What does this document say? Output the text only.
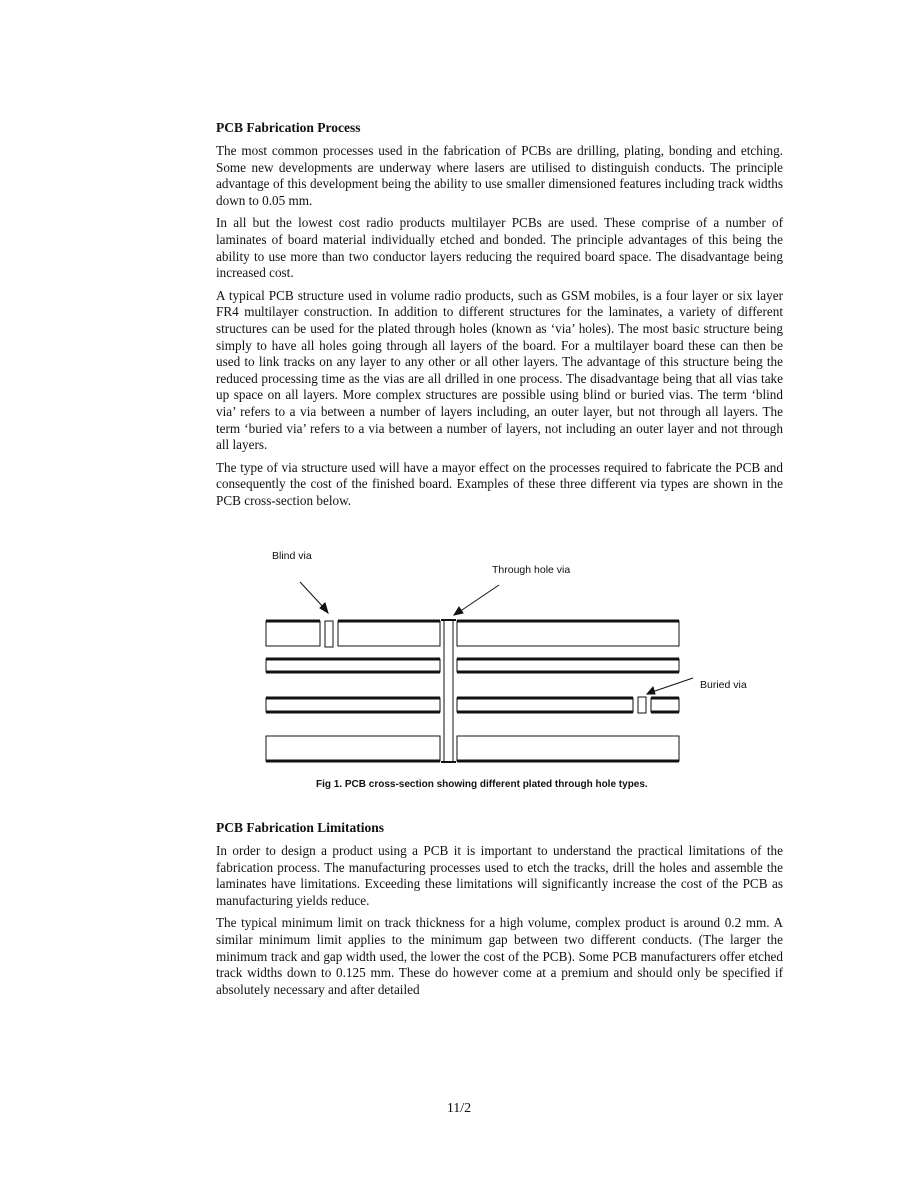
PCB Fabrication Process

The most common processes used in the fabrication of PCBs are drilling, plating, bonding and etching. Some new developments are underway where lasers are utilised to distinguish conducts. The principle advantage of this development being the ability to use smaller dimensioned features including track widths down to 0.05 mm.

In all but the lowest cost radio products multilayer PCBs are used. These comprise of a number of laminates of board material individually etched and bonded. The principle advantages of this being the ability to use more than two conductor layers reducing the required board space. The disadvantage being increased cost.

A typical PCB structure used in volume radio products, such as GSM mobiles, is a four layer or six layer FR4 multilayer construction. In addition to different structures for the laminates, a variety of different structures can be used for the plated through holes (known as ‘via’ holes). The most basic structure being simply to have all holes going through all layers of the board. For a multilayer board these can then be used to link tracks on any layer to any other or all other layers. The advantage of this structure being the reduced processing time as the vias are all drilled in one process. The disadvantage being that all vias take up space on all layers. More complex structures are possible using blind or buried vias. The term ‘blind via’ refers to a via between a number of layers including, an outer layer, but not through all layers. The term ‘buried via’ refers to a via between a number of layers, not including an outer layer and not through all layers.

The type of via structure used will have a mayor effect on the processes required to fabricate the PCB and consequently the cost of the finished board. Examples of these three different via types are shown in the PCB cross-section below.

Blind via
Through hole via
Buried via
Fig 1. PCB cross-section showing different plated through hole types.
PCB Fabrication Limitations

In order to design a product using a PCB it is important to understand the practical limitations of the fabrication process. The manufacturing processes used to etch the tracks, drill the holes and assemble the laminates have limitations. Exceeding these limitations will significantly increase the cost of the PCB as manufacturing yields reduce.

The typical minimum limit on track thickness for a high volume, complex product is around 0.2 mm. A similar minimum limit applies to the minimum gap between two different conducts. (The larger the minimum track and gap width used, the lower the cost of the PCB). Some PCB manufacturers offer etched track widths down to 0.125 mm. These do however come at a premium and should only be specified if absolutely necessary and after detailed

11/2
